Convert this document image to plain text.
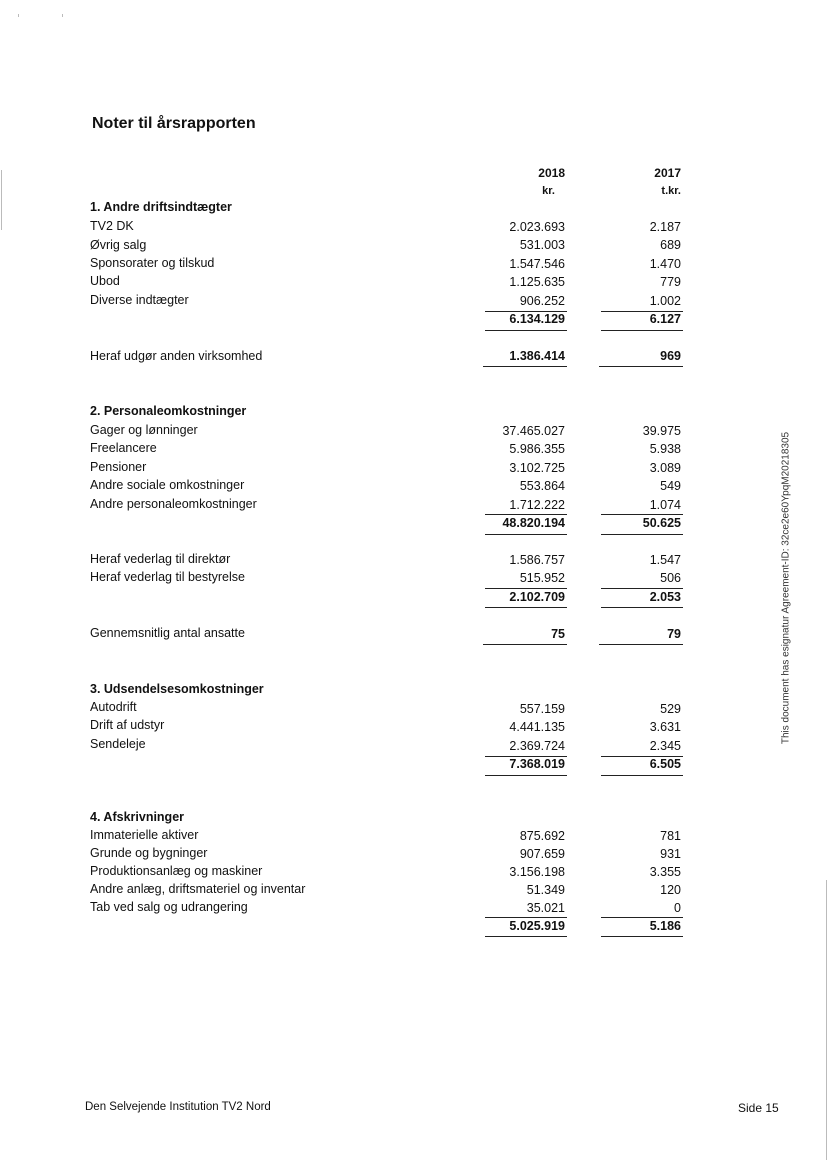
Noter til årsrapporten
2018	2017
kr.	t.kr.
1. Andre driftsindtægter
TV2 DK	2.023.693	2.187
Øvrig salg	531.003	689
Sponsorater og tilskud	1.547.546	1.470
Ubod	1.125.635	779
Diverse indtægter	906.252	1.002
6.134.129	6.127
Heraf udgør anden virksomhed	1.386.414	969
2. Personaleomkostninger
Gager og lønninger	37.465.027	39.975
Freelancere	5.986.355	5.938
Pensioner	3.102.725	3.089
Andre sociale omkostninger	553.864	549
Andre personaleomkostninger	1.712.222	1.074
48.820.194	50.625
Heraf vederlag til direktør	1.586.757	1.547
Heraf vederlag til bestyrelse	515.952	506
2.102.709	2.053
Gennemsnitlig antal ansatte	75	79
3. Udsendelsesomkostninger
Autodrift	557.159	529
Drift af udstyr	4.441.135	3.631
Sendeleje	2.369.724	2.345
7.368.019	6.505
4. Afskrivninger
Immaterielle aktiver	875.692	781
Grunde og bygninger	907.659	931
Produktionsanlæg og maskiner	3.156.198	3.355
Andre anlæg, driftsmateriel og inventar	51.349	120
Tab ved salg og udrangering	35.021	0
5.025.919	5.186
This document has esignatur Agreement-ID: 32ce2e60YpqM20218305
Den Selvejende Institution TV2 Nord	Side 15
